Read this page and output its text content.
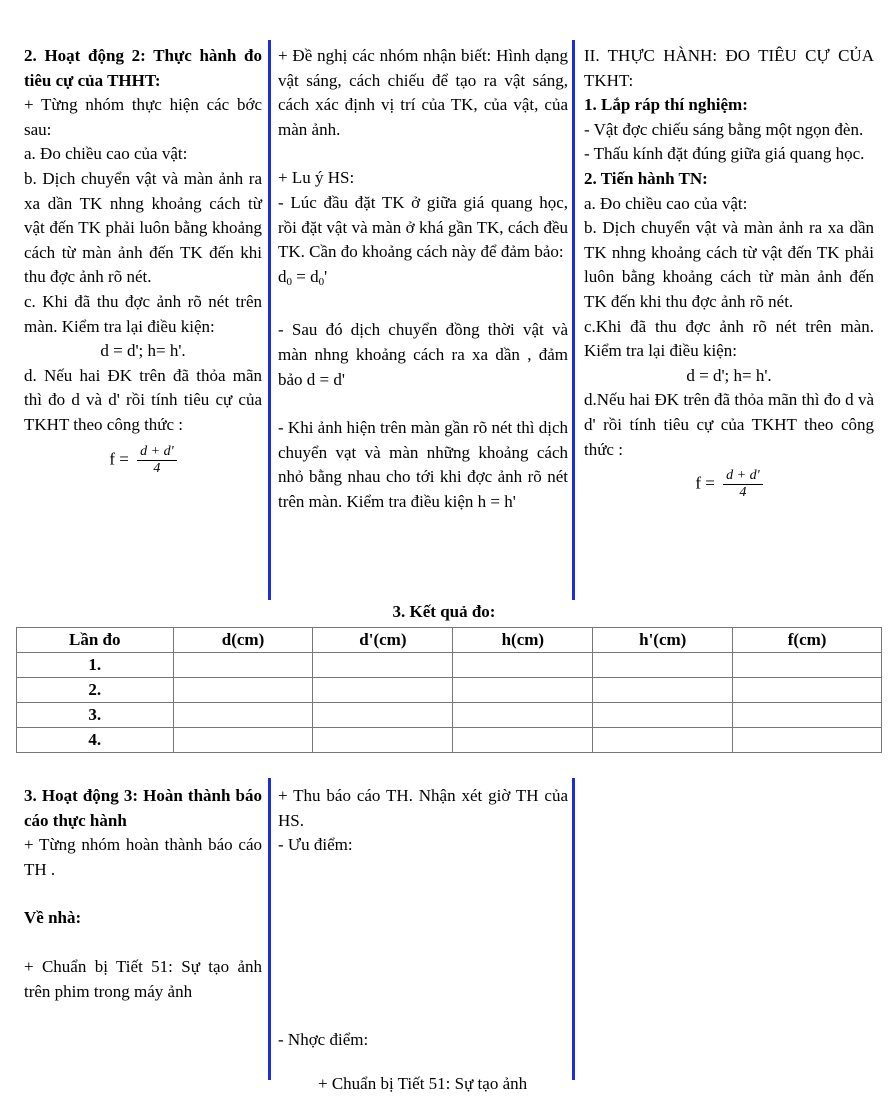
2. Hoạt động 2: Thực hành đo tiêu cự của THHT:

+ Từng nhóm thực hiện các bớc sau:

a. Đo chiều cao của vật:

b. Dịch chuyển vật và màn ảnh ra xa dần TK nhng khoảng cách từ vật đến TK phải luôn bằng khoảng cách từ màn ảnh đến TK đến khi thu đợc ảnh rõ nét.

c. Khi đã thu đợc ảnh rõ nét trên màn. Kiểm tra lại điều kiện:

d = d'; h= h'.

d. Nếu hai ĐK trên đã thỏa mãn thì đo d và d' rồi tính tiêu cự của TKHT theo công thức :

$f = \frac{d + d'}{4}$

+ Đề nghị các nhóm nhận biết: Hình dạng vật sáng, cách chiếu để tạo ra vật sáng, cách xác định vị trí của TK, của vật, của màn ảnh.

+ Lu ý HS:

- Lúc đầu đặt TK ở giữa giá quang học, rồi đặt vật và màn ở khá gần TK, cách đều TK. Cần đo khoảng cách này để đảm bảo:

$d_0 = d_0'$

- Sau đó dịch chuyển đồng thời vật và màn nhng khoảng cách ra xa dần , đảm bảo d = d'

- Khi ảnh hiện trên màn gần rõ nét thì dịch chuyển vạt và màn những khoảng cách nhỏ bằng nhau cho tới khi đợc ảnh rõ nét trên màn. Kiểm tra điều kiện h = h'

II. THỰC HÀNH: ĐO TIÊU CỰ CỦA TKHT:

1. Lắp ráp thí nghiệm:

- Vật đợc chiếu sáng bằng một ngọn đèn.

- Thấu kính đặt đúng giữa giá quang học.

2. Tiến hành TN:

a. Đo chiều cao của vật:

b. Dịch chuyển vật và màn ảnh ra xa dần TK nhng khoảng cách từ vật đến TK phải luôn bằng khoảng cách từ màn ảnh đến TK đến khi thu đợc ảnh rõ nét.

c.Khi đã thu đợc ảnh rõ nét trên màn. Kiểm tra lại điều kiện:

d = d'; h= h'.

d.Nếu hai ĐK trên đã thỏa mãn thì đo d và d' rồi tính tiêu cự của TKHT theo công thức :

$f = \frac{d + d'}{4}$
3. Kết quả đo:
Lần đo	d(cm)	d'(cm)	h(cm)	h'(cm)	f(cm)
1.					
2.					
3.					
4.					

3. Hoạt động 3: Hoàn thành báo cáo thực hành

+ Từng nhóm hoàn thành báo cáo TH .

Về nhà:

+ Chuẩn bị Tiết 51: Sự tạo ảnh trên phim trong máy ảnh

+ Thu báo cáo TH. Nhận xét giờ TH của HS.

- Ưu điểm:

- Nhợc điểm:

+ Chuẩn bị Tiết 51: Sự tạo ảnh
